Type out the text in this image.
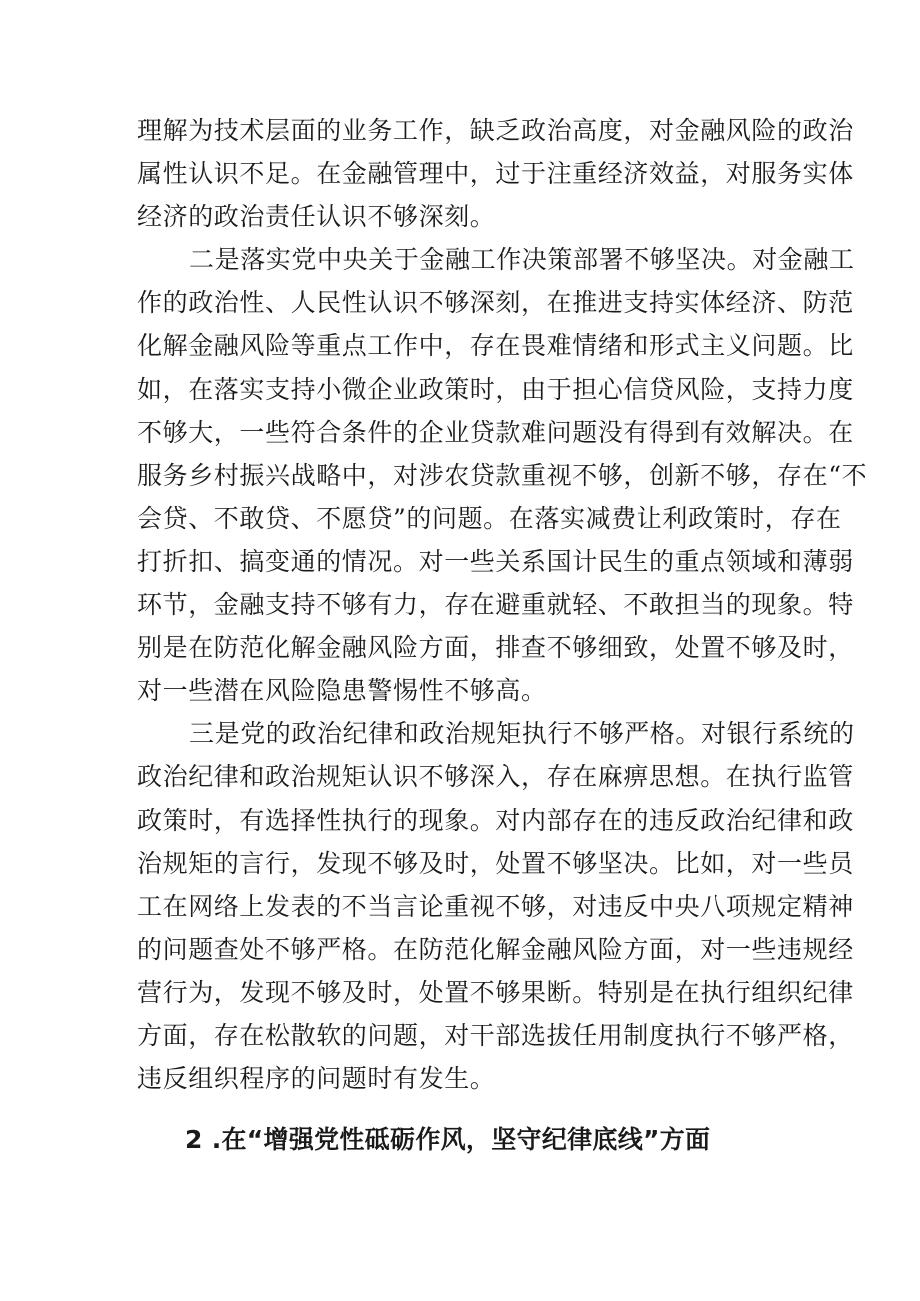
理解为技术层面的业务工作，缺乏政治高度，对金融风险的政治
属性认识不足。在金融管理中，过于注重经济效益，对服务实体
经济的政治责任认识不够深刻。
二是落实党中央关于金融工作决策部署不够坚决。对金融工
作的政治性、人民性认识不够深刻，在推进支持实体经济、防范
化解金融风险等重点工作中，存在畏难情绪和形式主义问题。比
如，在落实支持小微企业政策时，由于担心信贷风险，支持力度
不够大，一些符合条件的企业贷款难问题没有得到有效解决。在
服务乡村振兴战略中，对涉农贷款重视不够，创新不够，存在“不
会贷、不敢贷、不愿贷”的问题。在落实减费让利政策时，存在
打折扣、搞变通的情况。对一些关系国计民生的重点领域和薄弱
环节，金融支持不够有力，存在避重就轻、不敢担当的现象。特
别是在防范化解金融风险方面，排查不够细致，处置不够及时，
对一些潜在风险隐患警惕性不够高。
三是党的政治纪律和政治规矩执行不够严格。对银行系统的
政治纪律和政治规矩认识不够深入，存在麻痹思想。在执行监管
政策时，有选择性执行的现象。对内部存在的违反政治纪律和政
治规矩的言行，发现不够及时，处置不够坚决。比如，对一些员
工在网络上发表的不当言论重视不够，对违反中央八项规定精神
的问题查处不够严格。在防范化解金融风险方面，对一些违规经
营行为，发现不够及时，处置不够果断。特别是在执行组织纪律
方面，存在松散软的问题，对干部选拔任用制度执行不够严格，
违反组织程序的问题时有发生。
2 .在“增强党性砥砺作风，坚守纪律底线”方面
